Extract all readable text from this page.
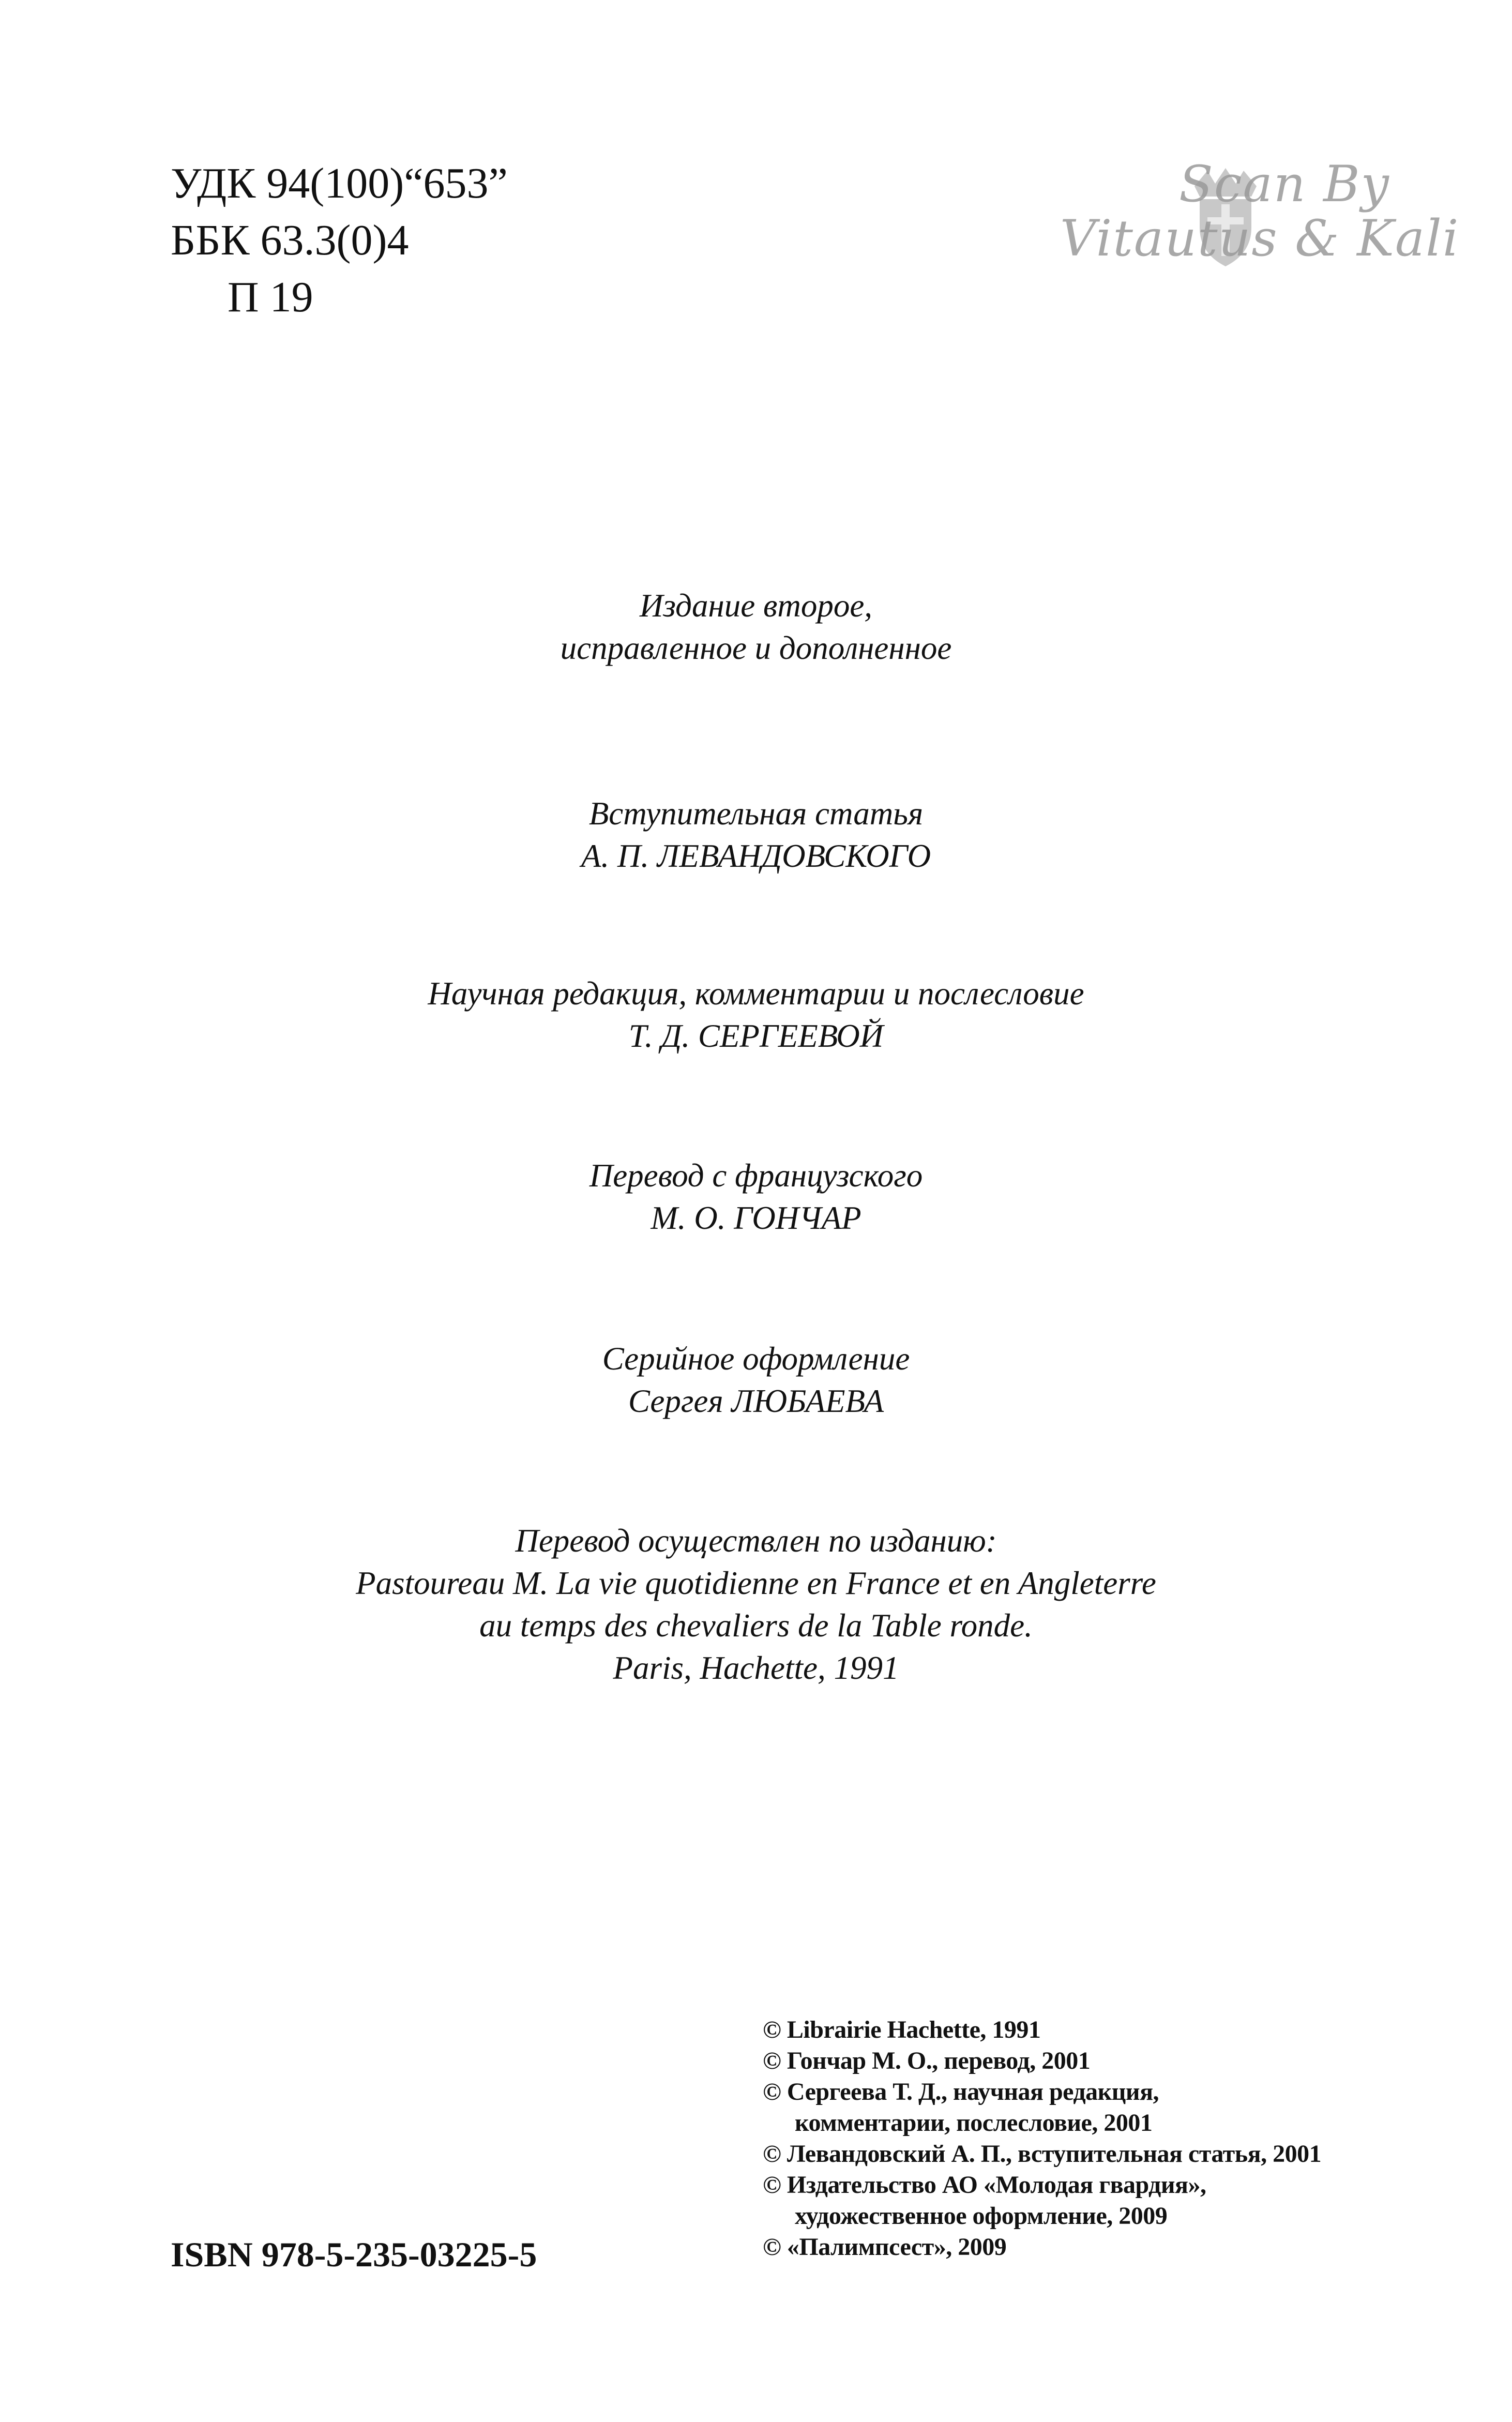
УДК 94(100)“653”
ББК 63.3(0)4
П 19
Scan By
Vitautus & Kali
Издание второе,
исправленное и дополненное
Вступительная статья
А. П. ЛЕВАНДОВСКОГО
Научная редакция, комментарии и послесловие
Т. Д. СЕРГЕЕВОЙ
Перевод с французского
М. О. ГОНЧАР
Серийное оформление
Сергея ЛЮБАЕВА
Перевод осуществлен по изданию:
Pastoureau M. La vie quotidienne en France et en Angleterre
au temps des chevaliers de la Table ronde.
Paris, Hachette, 1991
ISBN 978-5-235-03225-5
© Librairie Hachette, 1991
© Гончар М. О., перевод, 2001
© Сергеева Т. Д., научная редакция,
комментарии, послесловие, 2001
© Левандовский А. П., вступительная статья, 2001
© Издательство АО «Молодая гвардия»,
художественное оформление, 2009
© «Палимпсест», 2009
